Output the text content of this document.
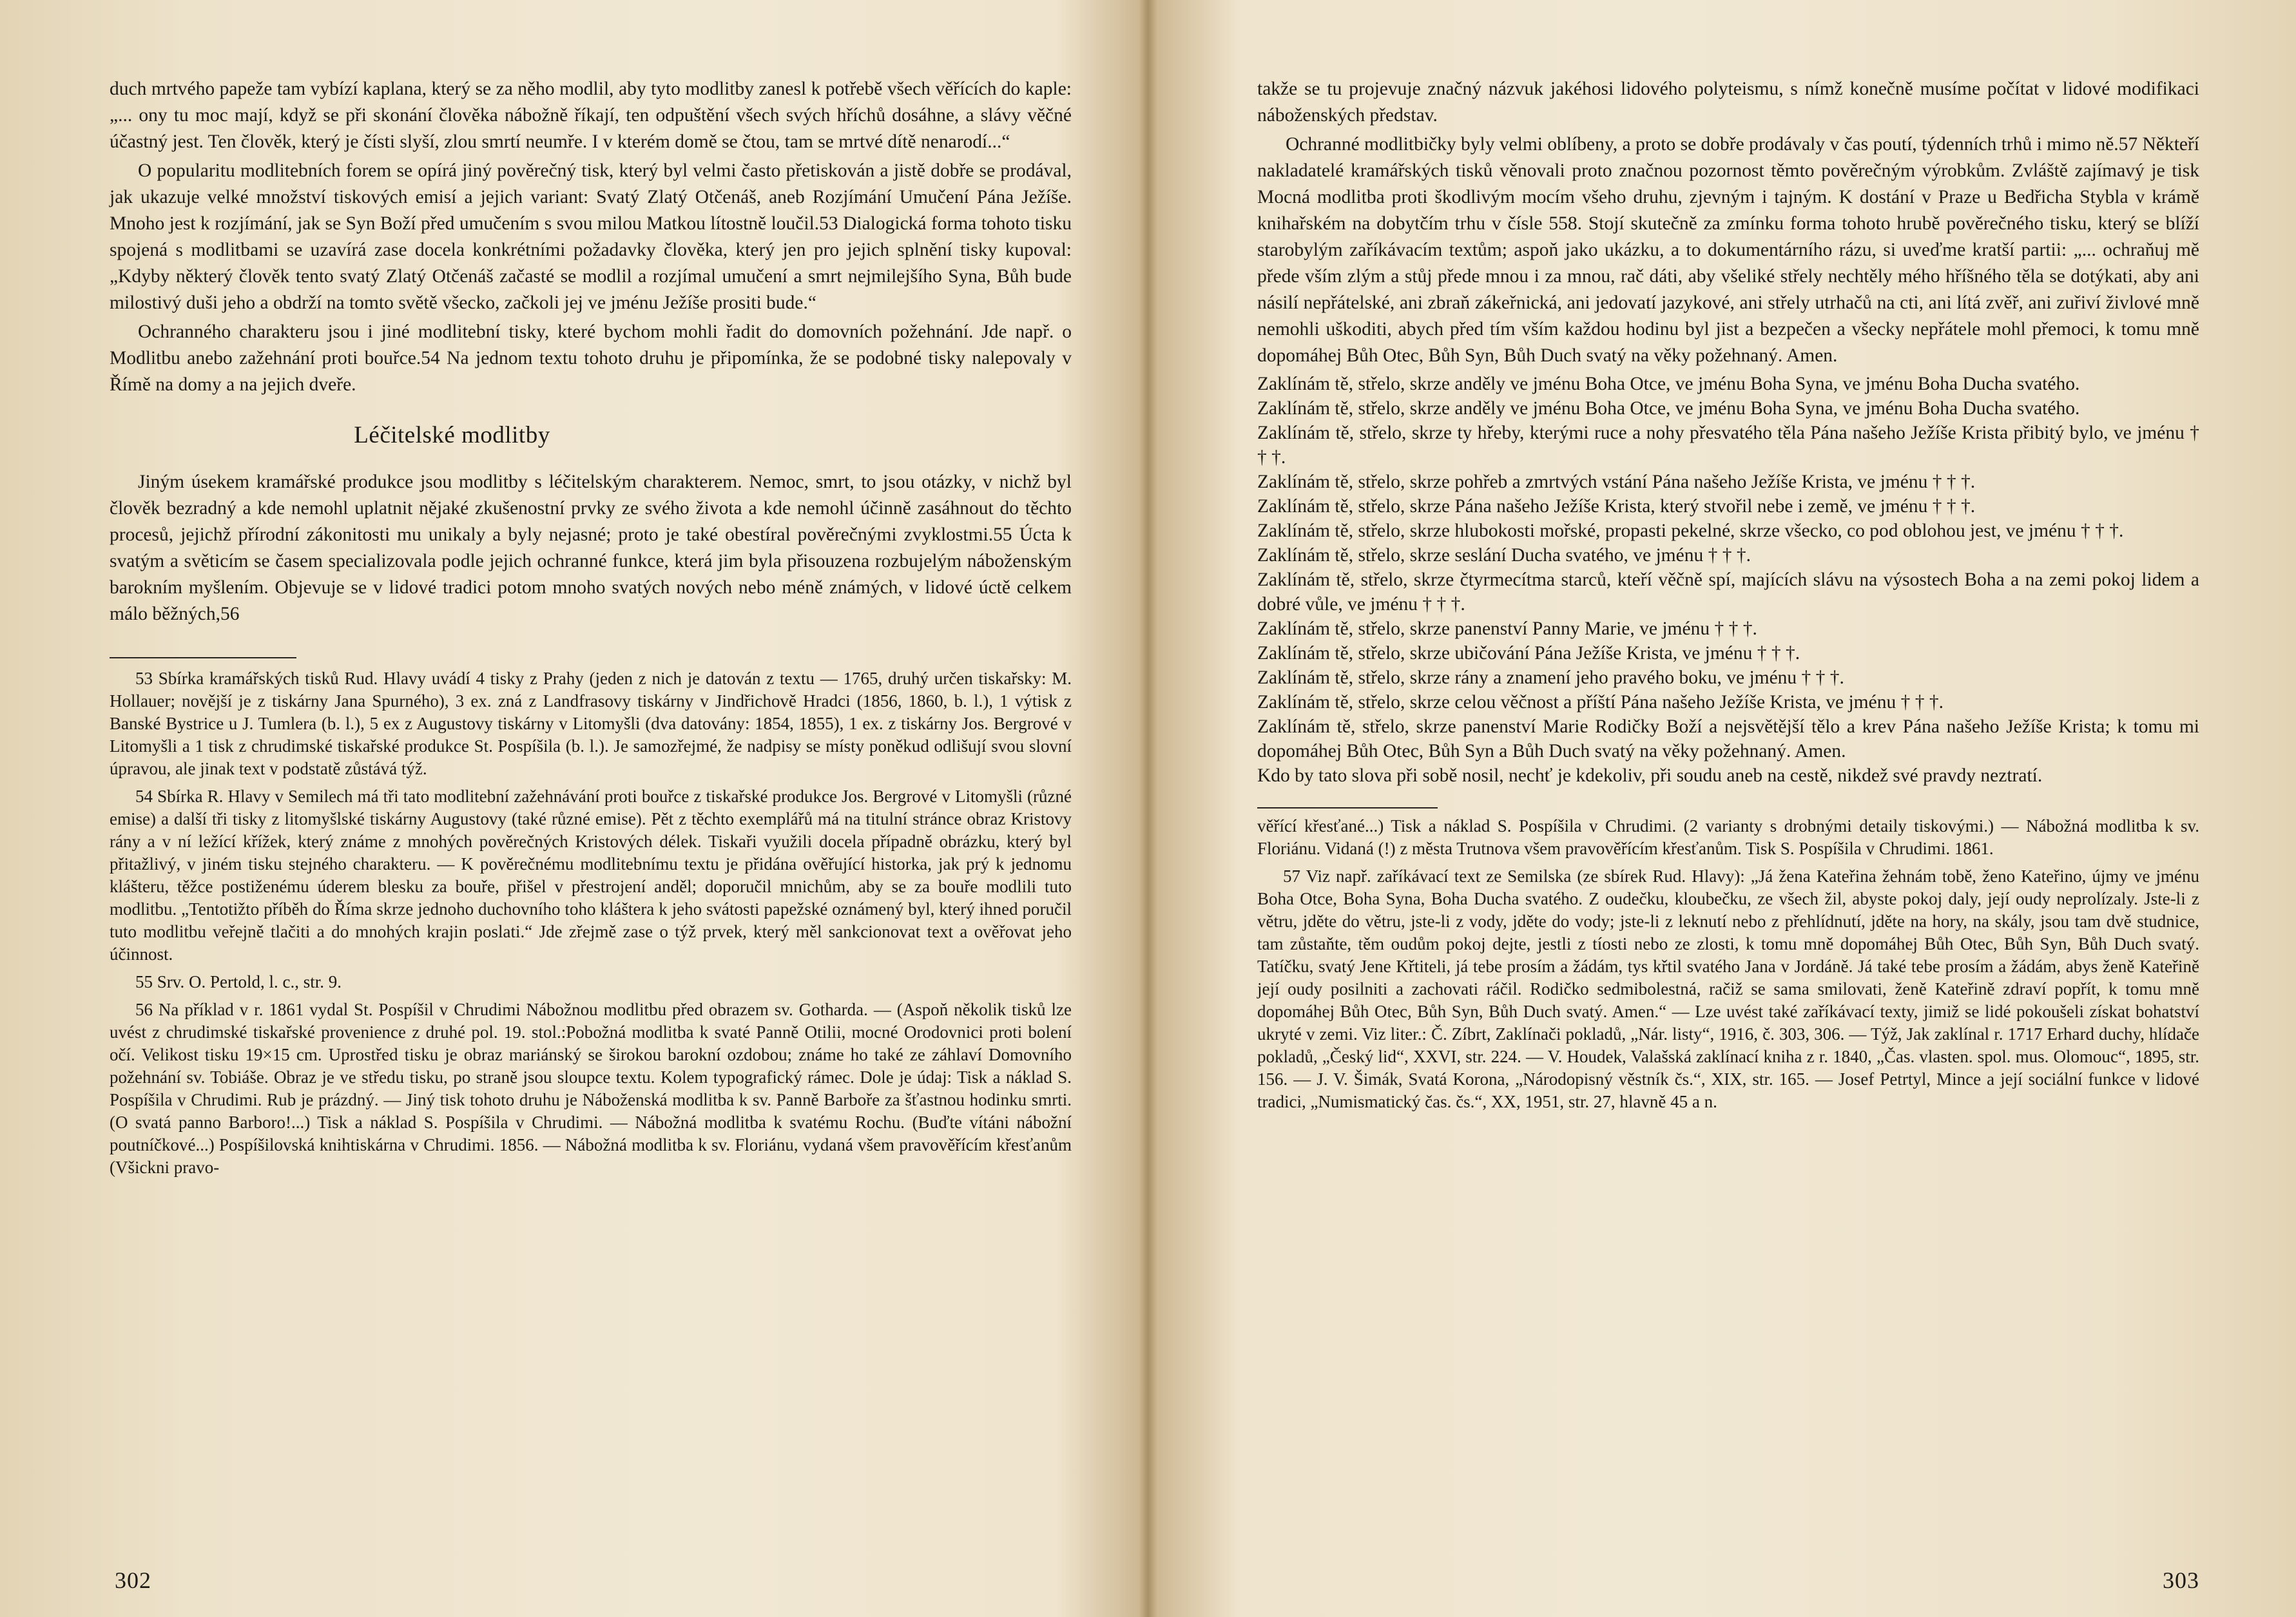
duch mrtvého papeže tam vybízí kaplana, který se za něho modlil, aby tyto modlitby zanesl k potřebě všech věřících do kaple: „... ony tu moc mají, když se při skonání člověka nábožně říkají, ten odpuštění všech svých hříchů dosáhne, a slávy věčné účastný jest. Ten člověk, který je čísti slyší, zlou smrtí neumře. I v kterém domě se čtou, tam se mrtvé dítě nenarodí...“

O popularitu modlitebních forem se opírá jiný pověrečný tisk, který byl velmi často přetiskován a jistě dobře se prodával, jak ukazuje velké množství tiskových emisí a jejich variant: Svatý Zlatý Otčenáš, aneb Rozjímání Umučení Pána Ježíše. Mnoho jest k rozjímání, jak se Syn Boží před umučením s svou milou Matkou lítostně loučil.53 Dialogická forma tohoto tisku spojená s modlitbami se uzavírá zase docela konkrétními požadavky člověka, který jen pro jejich splnění tisky kupoval: „Kdyby některý člověk tento svatý Zlatý Otčenáš začasté se modlil a rozjímal umučení a smrt nejmilejšího Syna, Bůh bude milostivý duši jeho a obdrží na tomto světě všecko, začkoli jej ve jménu Ježíše prositi bude.“

Ochranného charakteru jsou i jiné modlitební tisky, které bychom mohli řadit do domovních požehnání. Jde např. o Modlitbu anebo zažehnání proti bouřce.54 Na jednom textu tohoto druhu je připomínka, že se podobné tisky nalepovaly v Římě na domy a na jejich dveře.

Léčitelské modlitby

Jiným úsekem kramářské produkce jsou modlitby s léčitelským charakterem. Nemoc, smrt, to jsou otázky, v nichž byl člověk bezradný a kde nemohl uplatnit nějaké zkušenostní prvky ze svého života a kde nemohl účinně zasáhnout do těchto procesů, jejichž přírodní zákonitosti mu unikaly a byly nejasné; proto je také obestíral pověrečnými zvyklostmi.55 Úcta k svatým a světicím se časem specializovala podle jejich ochranné funkce, která jim byla přisouzena rozbujelým náboženským barokním myšlením. Objevuje se v lidové tradici potom mnoho svatých nových nebo méně známých, v lidové úctě celkem málo běžných,56

53 Sbírka kramářských tisků Rud. Hlavy uvádí 4 tisky z Prahy (jeden z nich je datován z textu — 1765, druhý určen tiskařsky: M. Hollauer; novější je z tiskárny Jana Spurného), 3 ex. zná z Landfrasovy tiskárny v Jindřichově Hradci (1856, 1860, b. l.), 1 výtisk z Banské Bystrice u J. Tumlera (b. l.), 5 ex z Augustovy tiskárny v Litomyšli (dva datovány: 1854, 1855), 1 ex. z tiskárny Jos. Bergrové v Litomyšli a 1 tisk z chrudimské tiskařské produkce St. Pospíšila (b. l.). Je samozřejmé, že nadpisy se místy poněkud odlišují svou slovní úpravou, ale jinak text v podstatě zůstává týž.

54 Sbírka R. Hlavy v Semilech má tři tato modlitební zažehnávání proti bouřce z tiskařské produkce Jos. Bergrové v Litomyšli (různé emise) a další tři tisky z litomyšlské tiskárny Augustovy (také různé emise). Pět z těchto exemplářů má na titulní stránce obraz Kristovy rány a v ní ležící křížek, který známe z mnohých pověrečných Kristových délek. Tiskaři využili docela případně obrázku, který byl přitažlivý, v jiném tisku stejného charakteru. — K pověrečnému modlitebnímu textu je přidána ověřující historka, jak prý k jednomu klášteru, těžce postiženému úderem blesku za bouře, přišel v přestrojení anděl; doporučil mnichům, aby se za bouře modlili tuto modlitbu. „Tentotižto příběh do Říma skrze jednoho duchovního toho kláštera k jeho svátosti papežské oznámený byl, který ihned poručil tuto modlitbu veřejně tlačiti a do mnohých krajin poslati.“ Jde zřejmě zase o týž prvek, který měl sankcionovat text a ověřovat jeho účinnost.

55 Srv. O. Pertold, l. c., str. 9.

56 Na příklad v r. 1861 vydal St. Pospíšil v Chrudimi Nábožnou modlitbu před obrazem sv. Gotharda. — (Aspoň několik tisků lze uvést z chrudimské tiskařské provenience z druhé pol. 19. stol.:Pobožná modlitba k svaté Panně Otilii, mocné Orodovnici proti bolení očí. Velikost tisku 19×15 cm. Uprostřed tisku je obraz mariánský se širokou barokní ozdobou; známe ho také ze záhlaví Domovního požehnání sv. Tobiáše. Obraz je ve středu tisku, po straně jsou sloupce textu. Kolem typografický rámec. Dole je údaj: Tisk a náklad S. Pospíšila v Chrudimi. Rub je prázdný. — Jiný tisk tohoto druhu je Náboženská modlitba k sv. Panně Barboře za šťastnou hodinku smrti. (O svatá panno Barboro!...) Tisk a náklad S. Pospíšila v Chrudimi. — Nábožná modlitba k svatému Rochu. (Buďte vítáni nábožní poutníčkové...) Pospíšilovská knihtiskárna v Chrudimi. 1856. — Nábožná modlitba k sv. Floriánu, vydaná všem pravověřícím křesťanům (Všickni pravo-

302

takže se tu projevuje značný názvuk jakéhosi lidového polyteismu, s nímž konečně musíme počítat v lidové modifikaci náboženských představ.

Ochranné modlitbičky byly velmi oblíbeny, a proto se dobře prodávaly v čas poutí, týdenních trhů i mimo ně.57 Někteří nakladatelé kramářských tisků věnovali proto značnou pozornost těmto pověrečným výrobkům. Zvláště zajímavý je tisk Mocná modlitba proti škodlivým mocím všeho druhu, zjevným i tajným. K dostání v Praze u Bedřicha Stybla v krámě knihařském na dobytčím trhu v čísle 558. Stojí skutečně za zmínku forma tohoto hrubě pověrečného tisku, který se blíží starobylým zaříkávacím textům; aspoň jako ukázku, a to dokumentárního rázu, si uveďme kratší partii: „... ochraňuj mě přede vším zlým a stůj přede mnou i za mnou, rač dáti, aby všeliké střely nechtěly mého hříšného těla se dotýkati, aby ani násilí nepřátelské, ani zbraň zákeřnická, ani jedovatí jazykové, ani střely utrhačů na cti, ani lítá zvěř, ani zuřiví živlové mně nemohli uškoditi, abych před tím vším každou hodinu byl jist a bezpečen a všecky nepřátele mohl přemoci, k tomu mně dopomáhej Bůh Otec, Bůh Syn, Bůh Duch svatý na věky požehnaný. Amen.

Zaklínám tě, střelo, skrze anděly ve jménu Boha Otce, ve jménu Boha Syna, ve jménu Boha Ducha svatého.

Zaklínám tě, střelo, skrze anděly ve jménu Boha Otce, ve jménu Boha Syna, ve jménu Boha Ducha svatého.

Zaklínám tě, střelo, skrze ty hřeby, kterými ruce a nohy přesvatého těla Pána našeho Ježíše Krista přibitý bylo, ve jménu † † †.

Zaklínám tě, střelo, skrze pohřeb a zmrtvých vstání Pána našeho Ježíše Krista, ve jménu † † †.

Zaklínám tě, střelo, skrze Pána našeho Ježíše Krista, který stvořil nebe i země, ve jménu † † †.

Zaklínám tě, střelo, skrze hlubokosti mořské, propasti pekelné, skrze všecko, co pod oblohou jest, ve jménu † † †.

Zaklínám tě, střelo, skrze seslání Ducha svatého, ve jménu † † †.

Zaklínám tě, střelo, skrze čtyrmecítma starců, kteří věčně spí, majících slávu na výsostech Boha a na zemi pokoj lidem a dobré vůle, ve jménu † † †.

Zaklínám tě, střelo, skrze panenství Panny Marie, ve jménu † † †.

Zaklínám tě, střelo, skrze ubičování Pána Ježíše Krista, ve jménu † † †.

Zaklínám tě, střelo, skrze rány a znamení jeho pravého boku, ve jménu † † †.

Zaklínám tě, střelo, skrze celou věčnost a příští Pána našeho Ježíše Krista, ve jménu † † †.

Zaklínám tě, střelo, skrze panenství Marie Rodičky Boží a nejsvětější tělo a krev Pána našeho Ježíše Krista; k tomu mi dopomáhej Bůh Otec, Bůh Syn a Bůh Duch svatý na věky požehnaný. Amen.

Kdo by tato slova při sobě nosil, nechť je kdekoliv, při soudu aneb na cestě, nikdež své pravdy neztratí.

věřící křesťané...) Tisk a náklad S. Pospíšila v Chrudimi. (2 varianty s drobnými detaily tiskovými.) — Nábožná modlitba k sv. Floriánu. Vidaná (!) z města Trutnova všem pravověřícím křesťanům. Tisk S. Pospíšila v Chrudimi. 1861.

57 Viz např. zaříkávací text ze Semilska (ze sbírek Rud. Hlavy): „Já žena Kateřina žehnám tobě, ženo Kateřino, újmy ve jménu Boha Otce, Boha Syna, Boha Ducha svatého. Z oudečku, kloubečku, ze všech žil, abyste pokoj daly, její oudy neprolízaly. Jste-li z větru, jděte do větru, jste-li z vody, jděte do vody; jste-li z leknutí nebo z přehlídnutí, jděte na hory, na skály, jsou tam dvě studnice, tam zůstaňte, těm oudům pokoj dejte, jestli z tíosti nebo ze zlosti, k tomu mně dopomáhej Bůh Otec, Bůh Syn, Bůh Duch svatý. Tatíčku, svatý Jene Křtiteli, já tebe prosím a žádám, tys křtil svatého Jana v Jordáně. Já také tebe prosím a žádám, abys ženě Kateřině její oudy posilniti a zachovati ráčil. Rodičko sedmibolestná, račiž se sama smilovati, ženě Kateřině zdraví popřít, k tomu mně dopomáhej Bůh Otec, Bůh Syn, Bůh Duch svatý. Amen.“ — Lze uvést také zaříkávací texty, jimiž se lidé pokoušeli získat bohatství ukryté v zemi. Viz liter.: Č. Zíbrt, Zaklínači pokladů, „Nár. listy“, 1916, č. 303, 306. — Týž, Jak zaklínal r. 1717 Erhard duchy, hlídače pokladů, „Český lid“, XXVI, str. 224. — V. Houdek, Valašská zaklínací kniha z r. 1840, „Čas. vlasten. spol. mus. Olomouc“, 1895, str. 156. — J. V. Šimák, Svatá Korona, „Národopisný věstník čs.“, XIX, str. 165. — Josef Petrtyl, Mince a její sociální funkce v lidové tradici, „Numismatický čas. čs.“, XX, 1951, str. 27, hlavně 45 a n.

303
